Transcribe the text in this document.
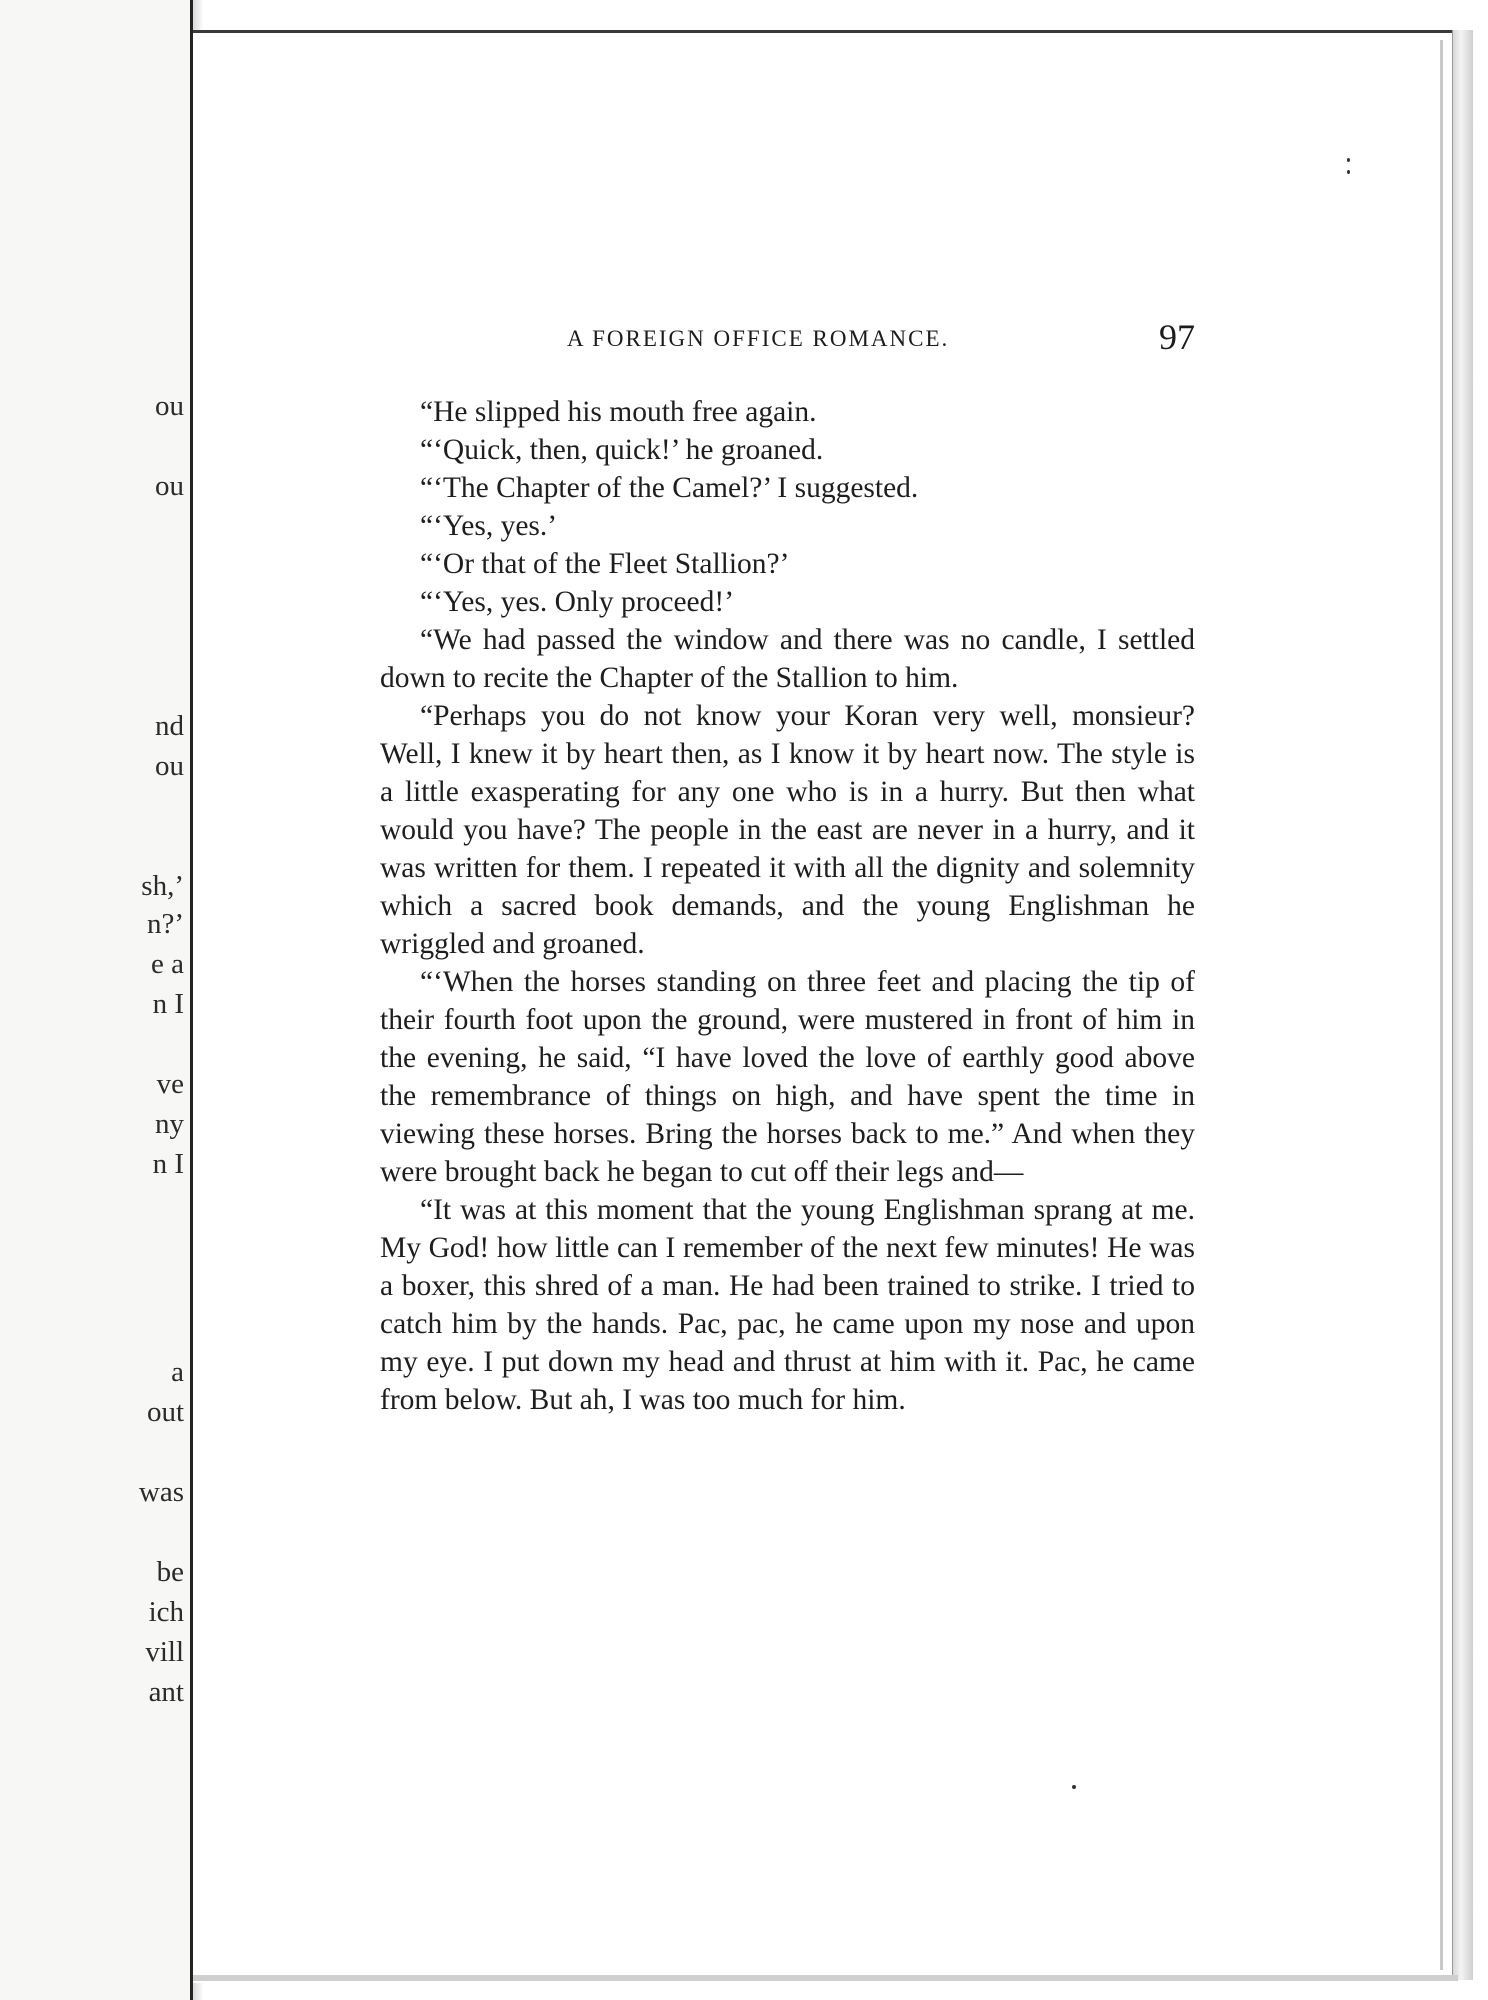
ou
ou
nd
ou
sh,’
n?’
e a
n I
ve
ny
n I
a
out
was
be
ich
vill
ant
A FOREIGN OFFICE ROMANCE.	97

“He slipped his mouth free again.

“‘Quick, then, quick!’ he groaned.

“‘The Chapter of the Camel?’ I suggested.

“‘Yes, yes.’

“‘Or that of the Fleet Stallion?’

“‘Yes, yes. Only proceed!’

“We had passed the window and there was no candle, I settled down to recite the Chapter of the Stallion to him.

“Perhaps you do not know your Koran very well, monsieur? Well, I knew it by heart then, as I know it by heart now. The style is a little exasperating for any one who is in a hurry. But then what would you have? The people in the east are never in a hurry, and it was written for them. I repeated it with all the dignity and solemnity which a sacred book demands, and the young Englishman he wriggled and groaned.

“‘When the horses standing on three feet and placing the tip of their fourth foot upon the ground, were mustered in front of him in the evening, he said, “I have loved the love of earthly good above the remembrance of things on high, and have spent the time in viewing these horses. Bring the horses back to me.” And when they were brought back he began to cut off their legs and—

“It was at this moment that the young Englishman sprang at me. My God! how little can I remember of the next few minutes! He was a boxer, this shred of a man. He had been trained to strike. I tried to catch him by the hands. Pac, pac, he came upon my nose and upon my eye. I put down my head and thrust at him with it. Pac, he came from below. But ah, I was too much for him.
